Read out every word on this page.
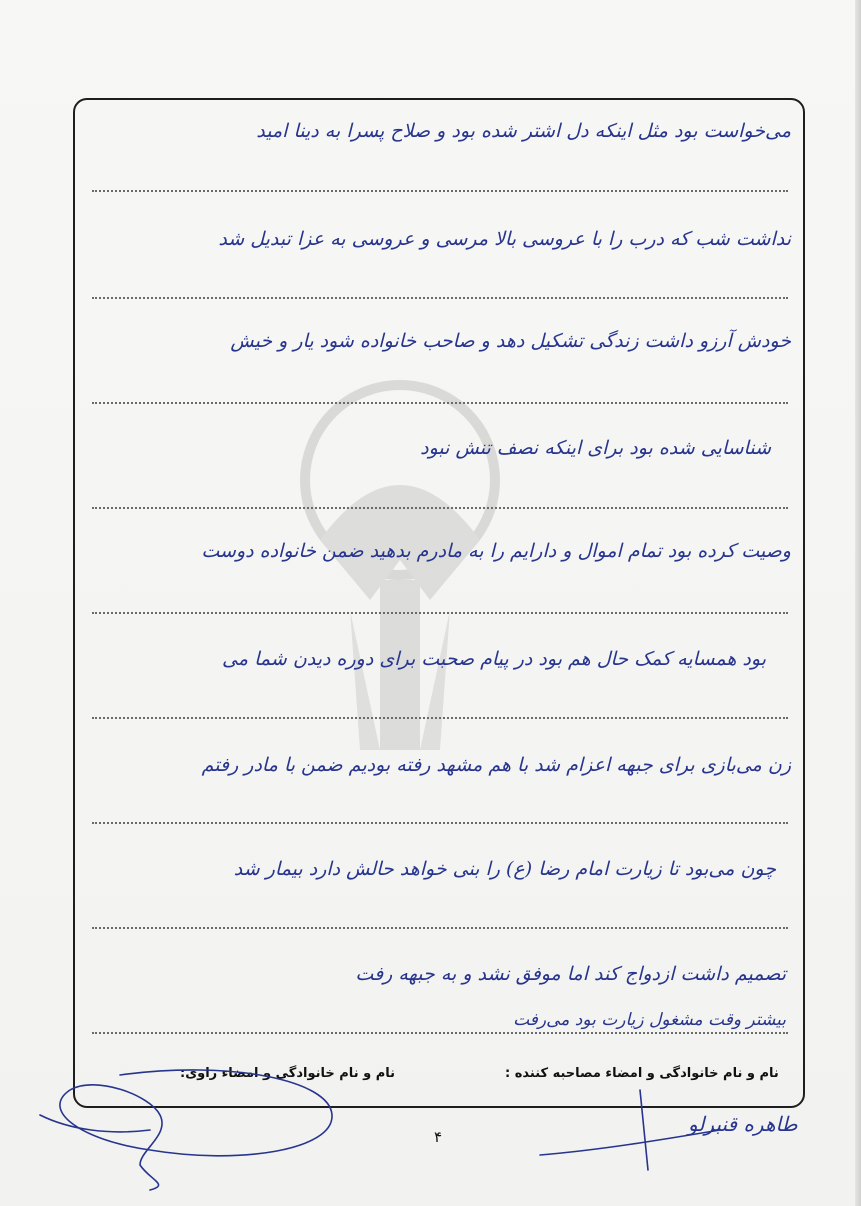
می‌خواست بود مثل اینکه دل اشتر شده بود و صلاح پسرا به دینا امید
نداشت شب که درب را با عروسی بالا مرسی و عروسی به عزا تبدیل شد
خودش آرزو داشت زندگی تشکیل دهد و صاحب خانواده شود یار و خیش
شناسایی شده بود برای اینکه نصف تنش نبود
وصیت کرده بود تمام اموال و دارایم را به مادرم بدهید ضمن خانواده دوست
بود همسایه کمک حال هم بود در پیام صحبت برای دوره دیدن شما می
زن می‌بازی برای جبهه اعزام شد با هم مشهد رفته بودیم ضمن با مادر رفتم
چون می‌بود تا زیارت امام رضا (ع) را بنی خواهد حالش دارد بیمار شد
تصمیم داشت ازدواج کند اما موفق نشد و به جبهه رفت
بیشتر وقت مشغول زیارت بود می‌رفت
نام و نام خانوادگی و امضاء راوی:	نام و نام خانوادگی و امضاء مصاحبه کننده :
طاهره قنبرلو
۴
